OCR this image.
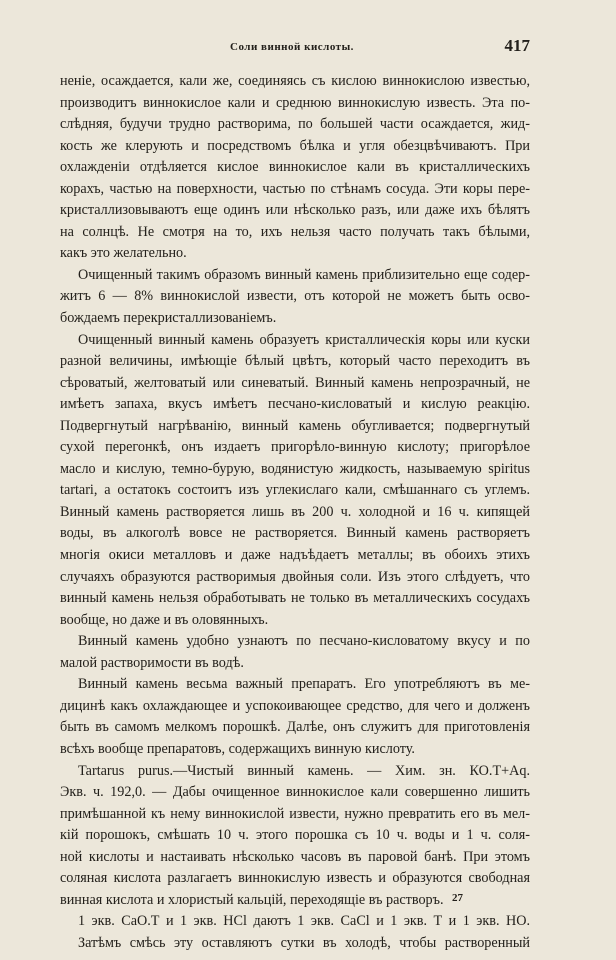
Соли винной кислоты.	417
неніе, осаждается, кали же, соединяясь съ кислою виннокислою известью,
производитъ виннокислое кали и среднюю виннокислую известь. Эта по-
слѣдняя, будучи трудно растворима, по большей части осаждается, жид-
кость же клерують и посредствомъ бѣлка и угля обезцвѣчиваютъ. При
охлажденіи отдѣляется кислое виннокислое кали въ кристаллическихъ
корахъ, частью на поверхности, частью по стѣнамъ сосуда. Эти коры пере-
кристаллизовываютъ еще одинъ или нѣсколько разъ, или даже ихъ бѣлятъ
на солнцѣ. Не смотря на то, ихъ нельзя часто получать такъ бѣлыми,
какъ это желательно.
Очищенный такимъ образомъ винный камень приблизительно еще содер-
житъ 6 — 8% виннокислой извести, отъ которой не можетъ быть осво-
бождаемъ перекристаллизованіемъ.
Очищенный винный камень образуетъ кристаллическія коры или куски
разной величины, имѣющіе бѣлый цвѣтъ, который часто переходитъ въ
сѣроватый, желтоватый или синеватый. Винный камень непрозрачный, не
имѣетъ запаха, вкусъ имѣетъ песчано-кисловатый и кислую реакцію.
Подвергнутый нагрѣванію, винный камень обугливается; подвергнутый
сухой перегонкѣ, онъ издаетъ пригорѣло-винную кислоту; пригорѣлое
масло и кислую, темно-бурую, водянистую жидкость, называемую spiritus
tartari, а остатокъ состоитъ изъ углекислаго кали, смѣшаннаго съ углемъ.
Винный камень растворяется лишь въ 200 ч. холодной и 16 ч. кипящей
воды, въ алкоголѣ вовсе не растворяется. Винный камень растворяетъ
многія окиси металловъ и даже надъѣдаетъ металлы; въ обоихъ этихъ
случаяхъ образуются растворимыя двойныя соли. Изъ этого слѣдуетъ, что
винный камень нельзя обработывать не только въ металлическихъ сосудахъ
вообще, но даже и въ оловянныхъ.
Винный камень удобно узнаютъ по песчано-кисловатому вкусу и по
малой растворимости въ водѣ.
Винный камень весьма важный препаратъ. Его употребляютъ въ ме-
дицинѣ какъ охлаждающее и успокоивающее средство, для чего и долженъ
быть въ самомъ мелкомъ порошкѣ. Далѣе, онъ служитъ для приготовленія
всѣхъ вообще препаратовъ, содержащихъ винную кислоту.
Tartarus purus.—Чистый винный камень. — Хим. зн. КО.Т+Aq.
Экв. ч. 192,0. — Дабы очищенное виннокислое кали совершенно лишить
примѣшанной къ нему виннокислой извести, нужно превратить его въ мел-
кій порошокъ, смѣшать 10 ч. этого порошка съ 10 ч. воды и 1 ч. соля-
ной кислоты и настаивать нѣсколько часовъ въ паровой банѣ. При этомъ
соляная кислота разлагаетъ виннокислую известь и образуются свободная
винная кислота и хлористый кальцій, переходящіе въ растворъ.
1 экв. СаО.Т и 1 экв. НСl даютъ 1 экв. СаСl и 1 экв. Т и 1 экв. НО.
Затѣмъ смѣсь эту оставляютъ сутки въ холодѣ, чтобы растворенный
27
